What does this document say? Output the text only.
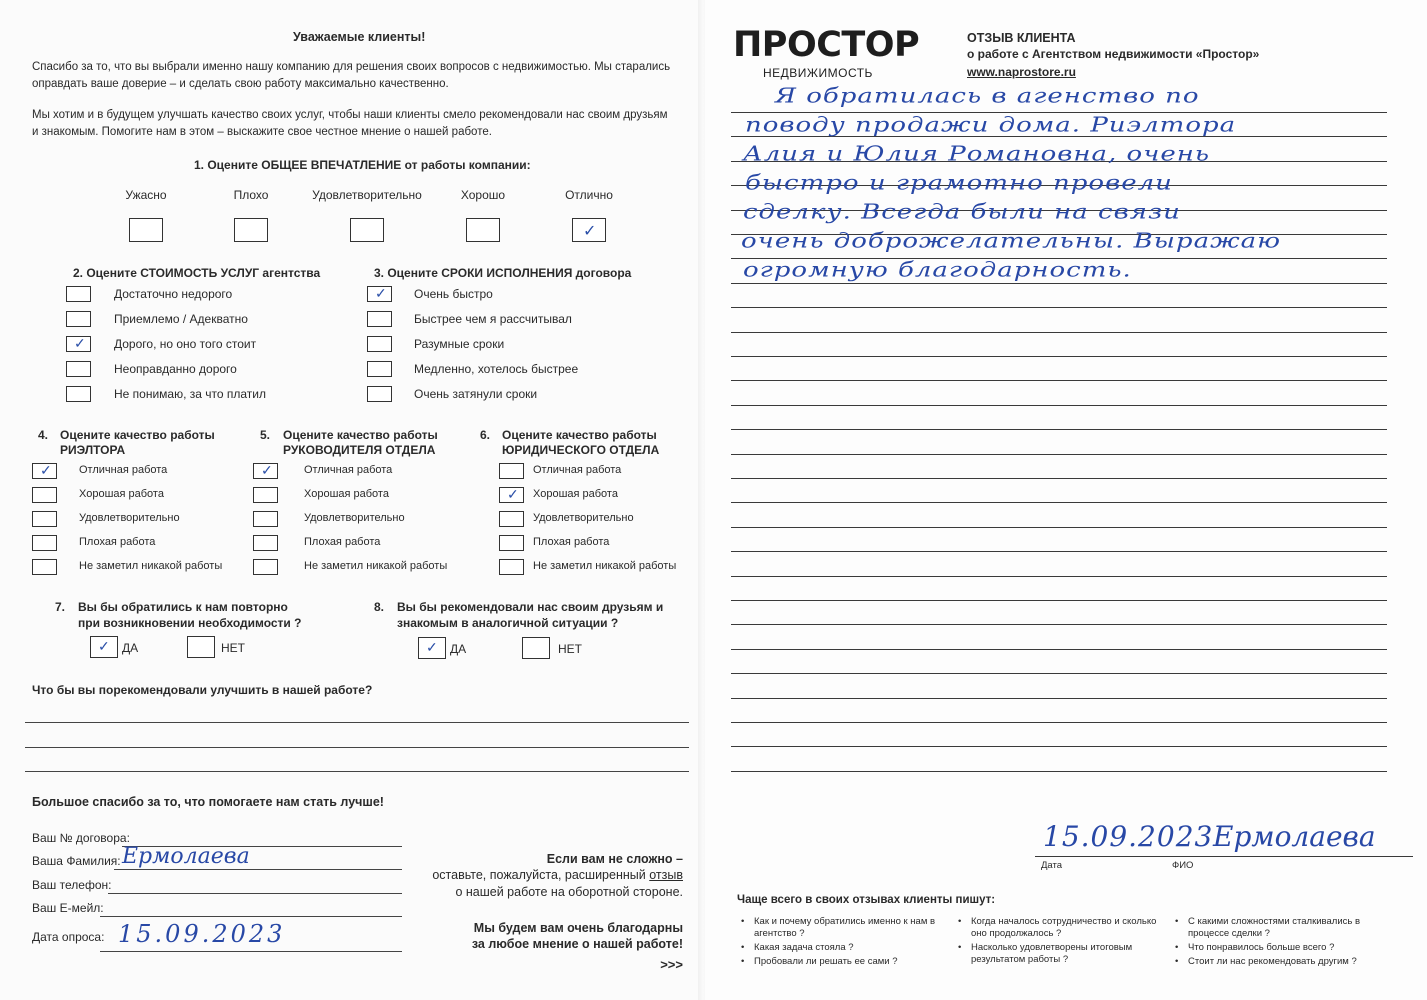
Уважаемые клиенты!
Спасибо за то, что вы выбрали именно нашу компанию для решения своих вопросов с недвижимостью. Мы старались оправдать ваше доверие – и сделать свою работу максимально качественно.
Мы хотим и в будущем улучшать качество своих услуг, чтобы наши клиенты смело рекомендовали нас своим друзьям и знакомым. Помогите нам в этом – выскажите свое честное мнение о нашей работе.
1. Оцените ОБЩЕЕ ВПЕЧАТЛЕНИЕ от работы компании:
Ужасно	Плохо	Удовлетворительно	Хорошо	Отлично
✓
2. Оцените СТОИМОСТЬ УСЛУГ агентства
Достаточно недорого
Приемлемо / Адекватно
✓ Дорого, но оно того стоит
Неоправданно дорого
Не понимаю, за что платил
3. Оцените СРОКИ ИСПОЛНЕНИЯ договора
✓ Очень быстро
Быстрее чем я рассчитывал
Разумные сроки
Медленно, хотелось быстрее
Очень затянули сроки
4. Оцените качество работы
РИЭЛТОРА
✓ Отличная работа
Хорошая работа
Удовлетворительно
Плохая работа
Не заметил никакой работы
5. Оцените качество работы
РУКОВОДИТЕЛЯ ОТДЕЛА
✓	Отличная работа
Хорошая работа
Удовлетворительно
Плохая работа
Не заметил никакой работы
6. Оцените качество работы
ЮРИДИЧЕСКОГО ОТДЕЛА
Отличная работа
✓ Хорошая работа
Удовлетворительно
Плохая работа
Не заметил никакой работы
7. Вы бы обратились к нам повторно
при возникновении необходимости ?
✓ ДА	НЕТ
8. Вы бы рекомендовали нас своим друзьям и
знакомым в аналогичной ситуации ?
✓ ДА	НЕТ
Что бы вы порекомендовали улучшить в нашей работе?
Большое спасибо за то, что помогаете нам стать лучше!
Ваш № договора:
Ваша Фамилия: Ермолаева
Ваш телефон:
Ваш Е-мейл:
Дата опроса: 15.09.2023
Если вам не сложно –
оставьте, пожалуйста, расширенный отзыв
о нашей работе на оборотной стороне.
Мы будем вам очень благодарны
за любое мнение о нашей работе!
>>>
ПРОСТОР
НЕДВИЖИМОСТЬ
ОТЗЫВ КЛИЕНТА
о работе с Агентством недвижимости «Простор»
www.naprostore.ru
Я обратилась в агенство по
поводу продажи дома. Риэлтора
Алия и Юлия Романовна, очень
быстро и грамотно провели
сделку. Всегда были на связи
очень доброжелательны. Выражаю
огромную благодарность.
15.09.2023 Ермолаева
Дата	ФИО
Чаще всего в своих отзывах клиенты пишут:
• Как и почему обратились именно к нам в агентство ?
• Какая задача стояла ?
• Пробовали ли решать ее сами ?
• Когда началось сотрудничество и сколько оно продолжалось ?
• Насколько удовлетворены итоговым результатом работы ?
• С какими сложностями сталкивались в процессе сделки ?
• Что понравилось больше всего ?
• Стоит ли нас рекомендовать другим ?
